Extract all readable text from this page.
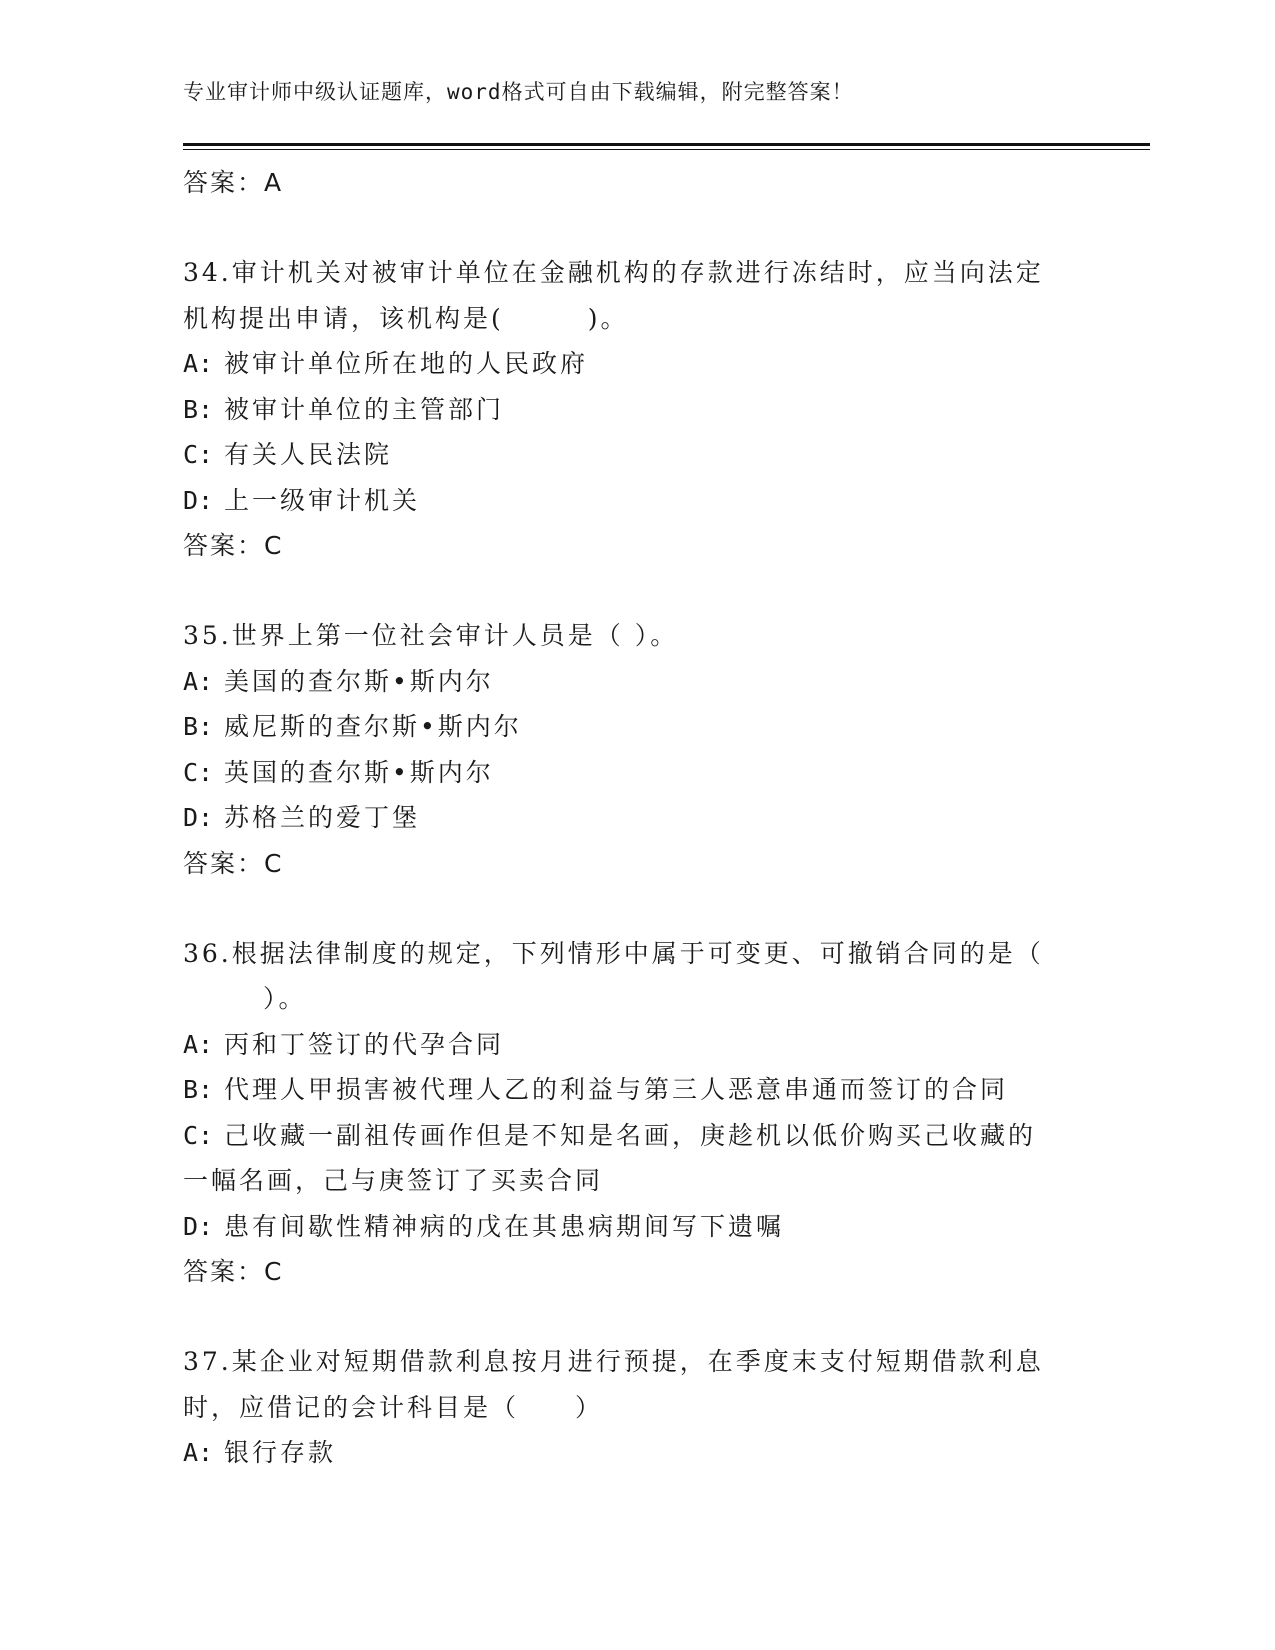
专业审计师中级认证题库，word格式可自由下载编辑，附完整答案！
答案：A
34.审计机关对被审计单位在金融机构的存款进行冻结时，应当向法定
机构提出申请，该机构是(　　　)。
A: 被审计单位所在地的人民政府
B: 被审计单位的主管部门
C: 有关人民法院
D: 上一级审计机关
答案：C
35.世界上第一位社会审计人员是（ ）。
A: 美国的查尔斯•斯内尔
B: 威尼斯的查尔斯•斯内尔
C: 英国的查尔斯•斯内尔
D: 苏格兰的爱丁堡
答案：C
36.根据法律制度的规定，下列情形中属于可变更、可撤销合同的是（
）。
A: 丙和丁签订的代孕合同
B: 代理人甲损害被代理人乙的利益与第三人恶意串通而签订的合同
C: 己收藏一副祖传画作但是不知是名画，庚趁机以低价购买己收藏的
一幅名画，己与庚签订了买卖合同
D: 患有间歇性精神病的戊在其患病期间写下遗嘱
答案：C
37.某企业对短期借款利息按月进行预提，在季度末支付短期借款利息
时，应借记的会计科目是（　　）
A: 银行存款
